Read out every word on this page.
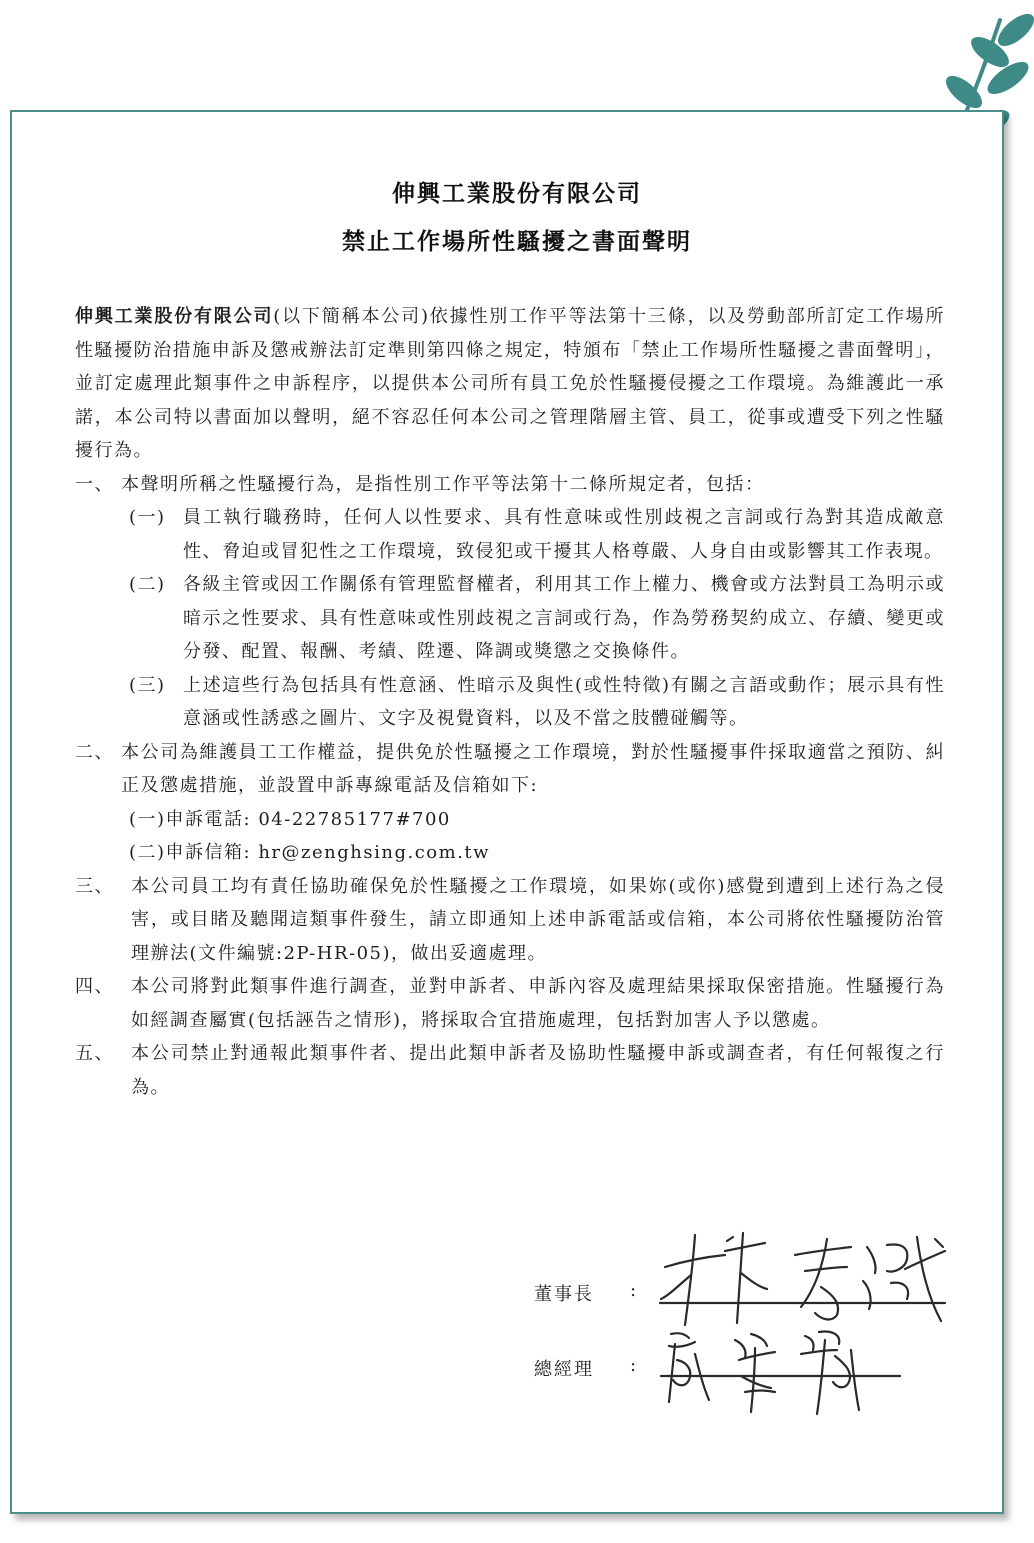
伸興工業股份有限公司
禁止工作場所性騷擾之書面聲明

伸興工業股份有限公司(以下簡稱本公司)依據性別工作平等法第十三條，以及勞動部所訂定工作場所性騷擾防治措施申訴及懲戒辦法訂定準則第四條之規定，特頒布「禁止工作場所性騷擾之書面聲明」，並訂定處理此類事件之申訴程序，以提供本公司所有員工免於性騷擾侵擾之工作環境。為維護此一承諾，本公司特以書面加以聲明，絕不容忍任何本公司之管理階層主管、員工，從事或遭受下列之性騷擾行為。

一、 本聲明所稱之性騷擾行為，是指性別工作平等法第十二條所規定者，包括：
(一) 員工執行職務時，任何人以性要求、具有性意味或性別歧視之言詞或行為對其造成敵意性、脅迫或冒犯性之工作環境，致侵犯或干擾其人格尊嚴、人身自由或影響其工作表現。
(二) 各級主管或因工作關係有管理監督權者，利用其工作上權力、機會或方法對員工為明示或暗示之性要求、具有性意味或性別歧視之言詞或行為，作為勞務契約成立、存續、變更或分發、配置、報酬、考績、陞遷、降調或獎懲之交換條件。
(三) 上述這些行為包括具有性意涵、性暗示及與性(或性特徵)有關之言語或動作；展示具有性意涵或性誘惑之圖片、文字及視覺資料，以及不當之肢體碰觸等。
二、 本公司為維護員工工作權益，提供免於性騷擾之工作環境，對於性騷擾事件採取適當之預防、糾正及懲處措施，並設置申訴專線電話及信箱如下:
(一)申訴電話: 04-22785177#700
(二)申訴信箱: hr@zenghsing.com.tw
三、 本公司員工均有責任協助確保免於性騷擾之工作環境，如果妳(或你)感覺到遭到上述行為之侵害，或目睹及聽聞這類事件發生，請立即通知上述申訴電話或信箱，本公司將依性騷擾防治管理辦法(文件編號:2P-HR-05)，做出妥適處理。
四、 本公司將對此類事件進行調查，並對申訴者、申訴內容及處理結果採取保密措施。性騷擾行為如經調查屬實(包括誣告之情形)，將採取合宜措施處理，包括對加害人予以懲處。
五、 本公司禁止對通報此類事件者、提出此類申訴者及協助性騷擾申訴或調查者，有任何報復之行為。
董事長 :
總經理 :
